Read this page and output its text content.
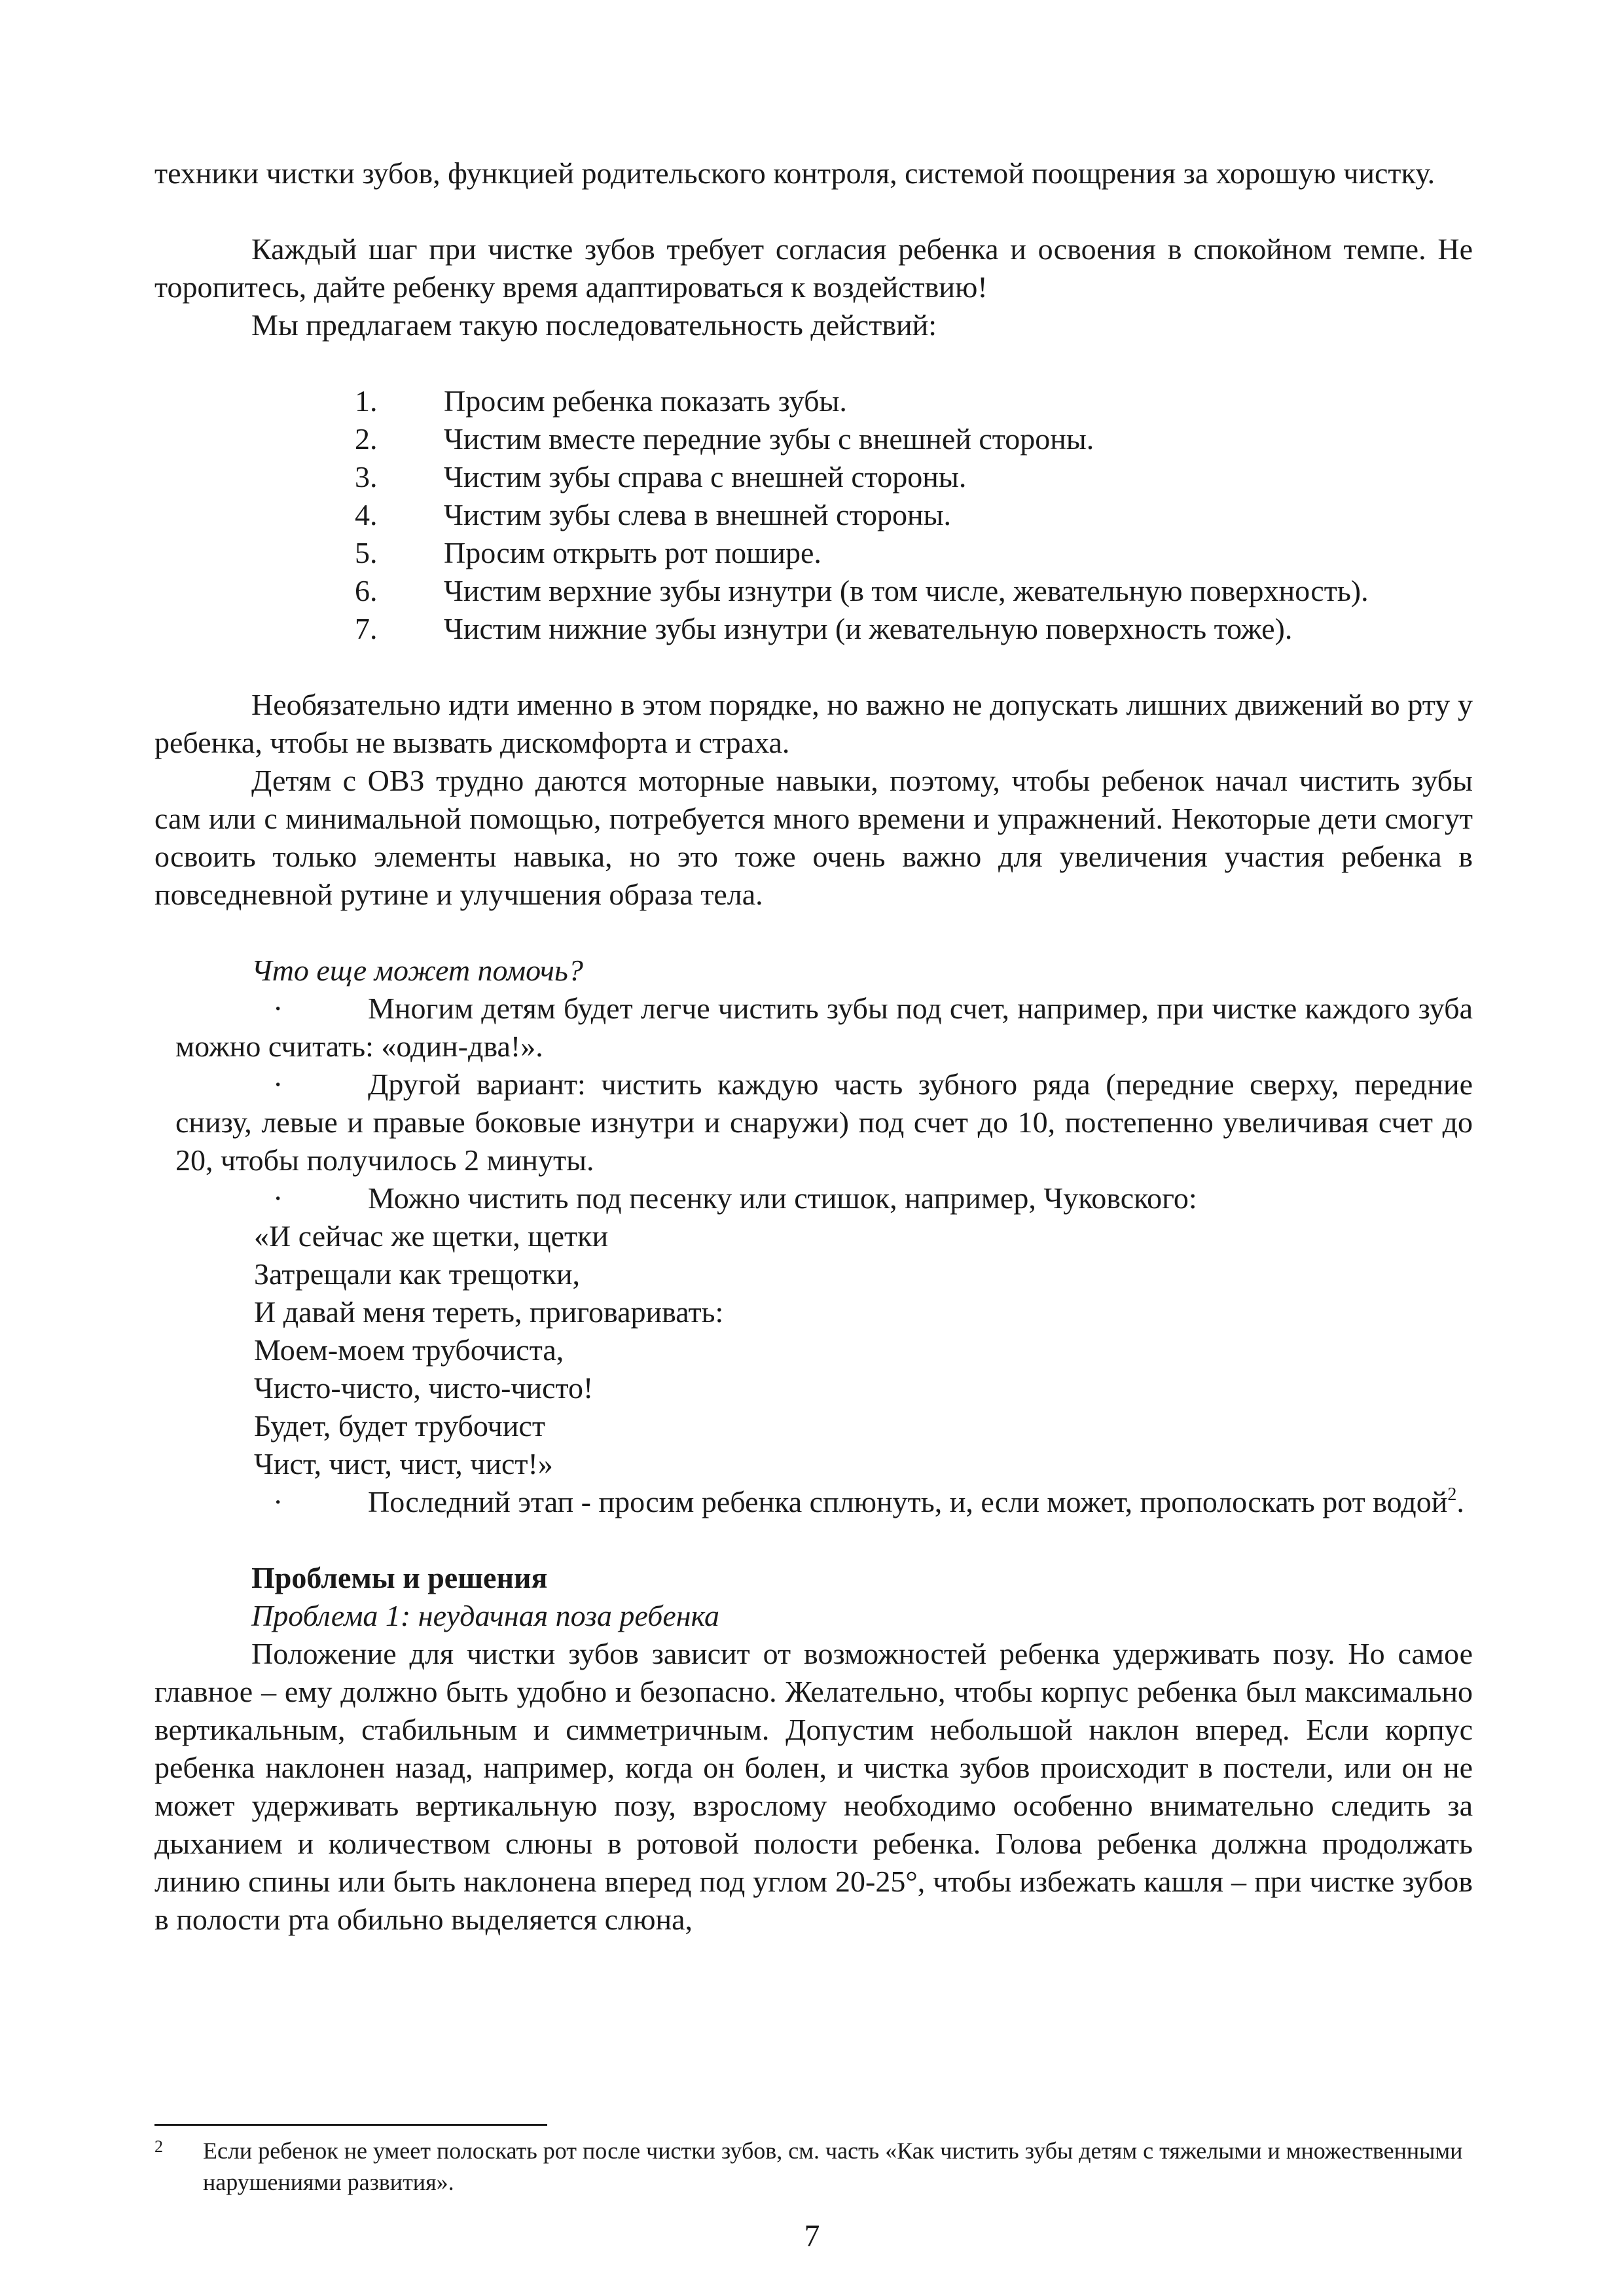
техники чистки зубов, функцией родительского контроля, системой поощрения за хорошую чистку.

Каждый шаг при чистке зубов требует согласия ребенка и освоения в спокойном темпе. Не торопитесь, дайте ребенку время адаптироваться к воздействию!

Мы предлагаем такую последовательность действий:

1. Просим ребенка показать зубы.
2. Чистим вместе передние зубы с внешней стороны.
3. Чистим зубы справа с внешней стороны.
4. Чистим зубы слева в внешней стороны.
5. Просим открыть рот пошире.
6. Чистим верхние зубы изнутри (в том числе, жевательную поверхность).
7. Чистим нижние зубы изнутри (и жевательную поверхность тоже).

Необязательно идти именно в этом порядке, но важно не допускать лишних движений во рту у ребенка, чтобы не вызвать дискомфорта и страха.

Детям с ОВЗ трудно даются моторные навыки, поэтому, чтобы ребенок начал чистить зубы сам или с минимальной помощью, потребуется много времени и упражнений. Некоторые дети смогут освоить только элементы навыка, но это тоже очень важно для увеличения участия ребенка в повседневной рутине и улучшения образа тела.

Что еще может помочь?

·	Многим детям будет легче чистить зубы под счет, например, при чистке каждого зуба можно считать: «один-два!».
·	Другой вариант: чистить каждую часть зубного ряда (передние сверху, передние снизу, левые и правые боковые изнутри и снаружи) под счет до 10, постепенно увеличивая счет до 20, чтобы получилось 2 минуты.
·	Можно чистить под песенку или стишок, например, Чуковского:

«И сейчас же щетки, щетки

Затрещали как трещотки,

И давай меня тереть, приговаривать:

Моем-моем трубочиста,

Чисто-чисто, чисто-чисто!

Будет, будет трубочист

Чист, чист, чист, чист!»

·	Последний этап - просим ребенка сплюнуть, и, если может, прополоскать рот водой$^2$.

Проблемы и решения

Проблема 1: неудачная поза ребенка

Положение для чистки зубов зависит от возможностей ребенка удерживать позу. Но самое главное – ему должно быть удобно и безопасно. Желательно, чтобы корпус ребенка был максимально вертикальным, стабильным и симметричным. Допустим небольшой наклон вперед. Если корпус ребенка наклонен назад, например, когда он болен, и чистка зубов происходит в постели, или он не может удерживать вертикальную позу, взрослому необходимо особенно внимательно следить за дыханием и количеством слюны в ротовой полости ребенка. Голова ребенка должна продолжать линию спины или быть наклонена вперед под углом 20-25°, чтобы избежать кашля – при чистке зубов в полости рта обильно выделяется слюна,

2	Если ребенок не умеет полоскать рот после чистки зубов, см. часть «Как чистить зубы детям с тяжелыми и множественными нарушениями развития».
7
